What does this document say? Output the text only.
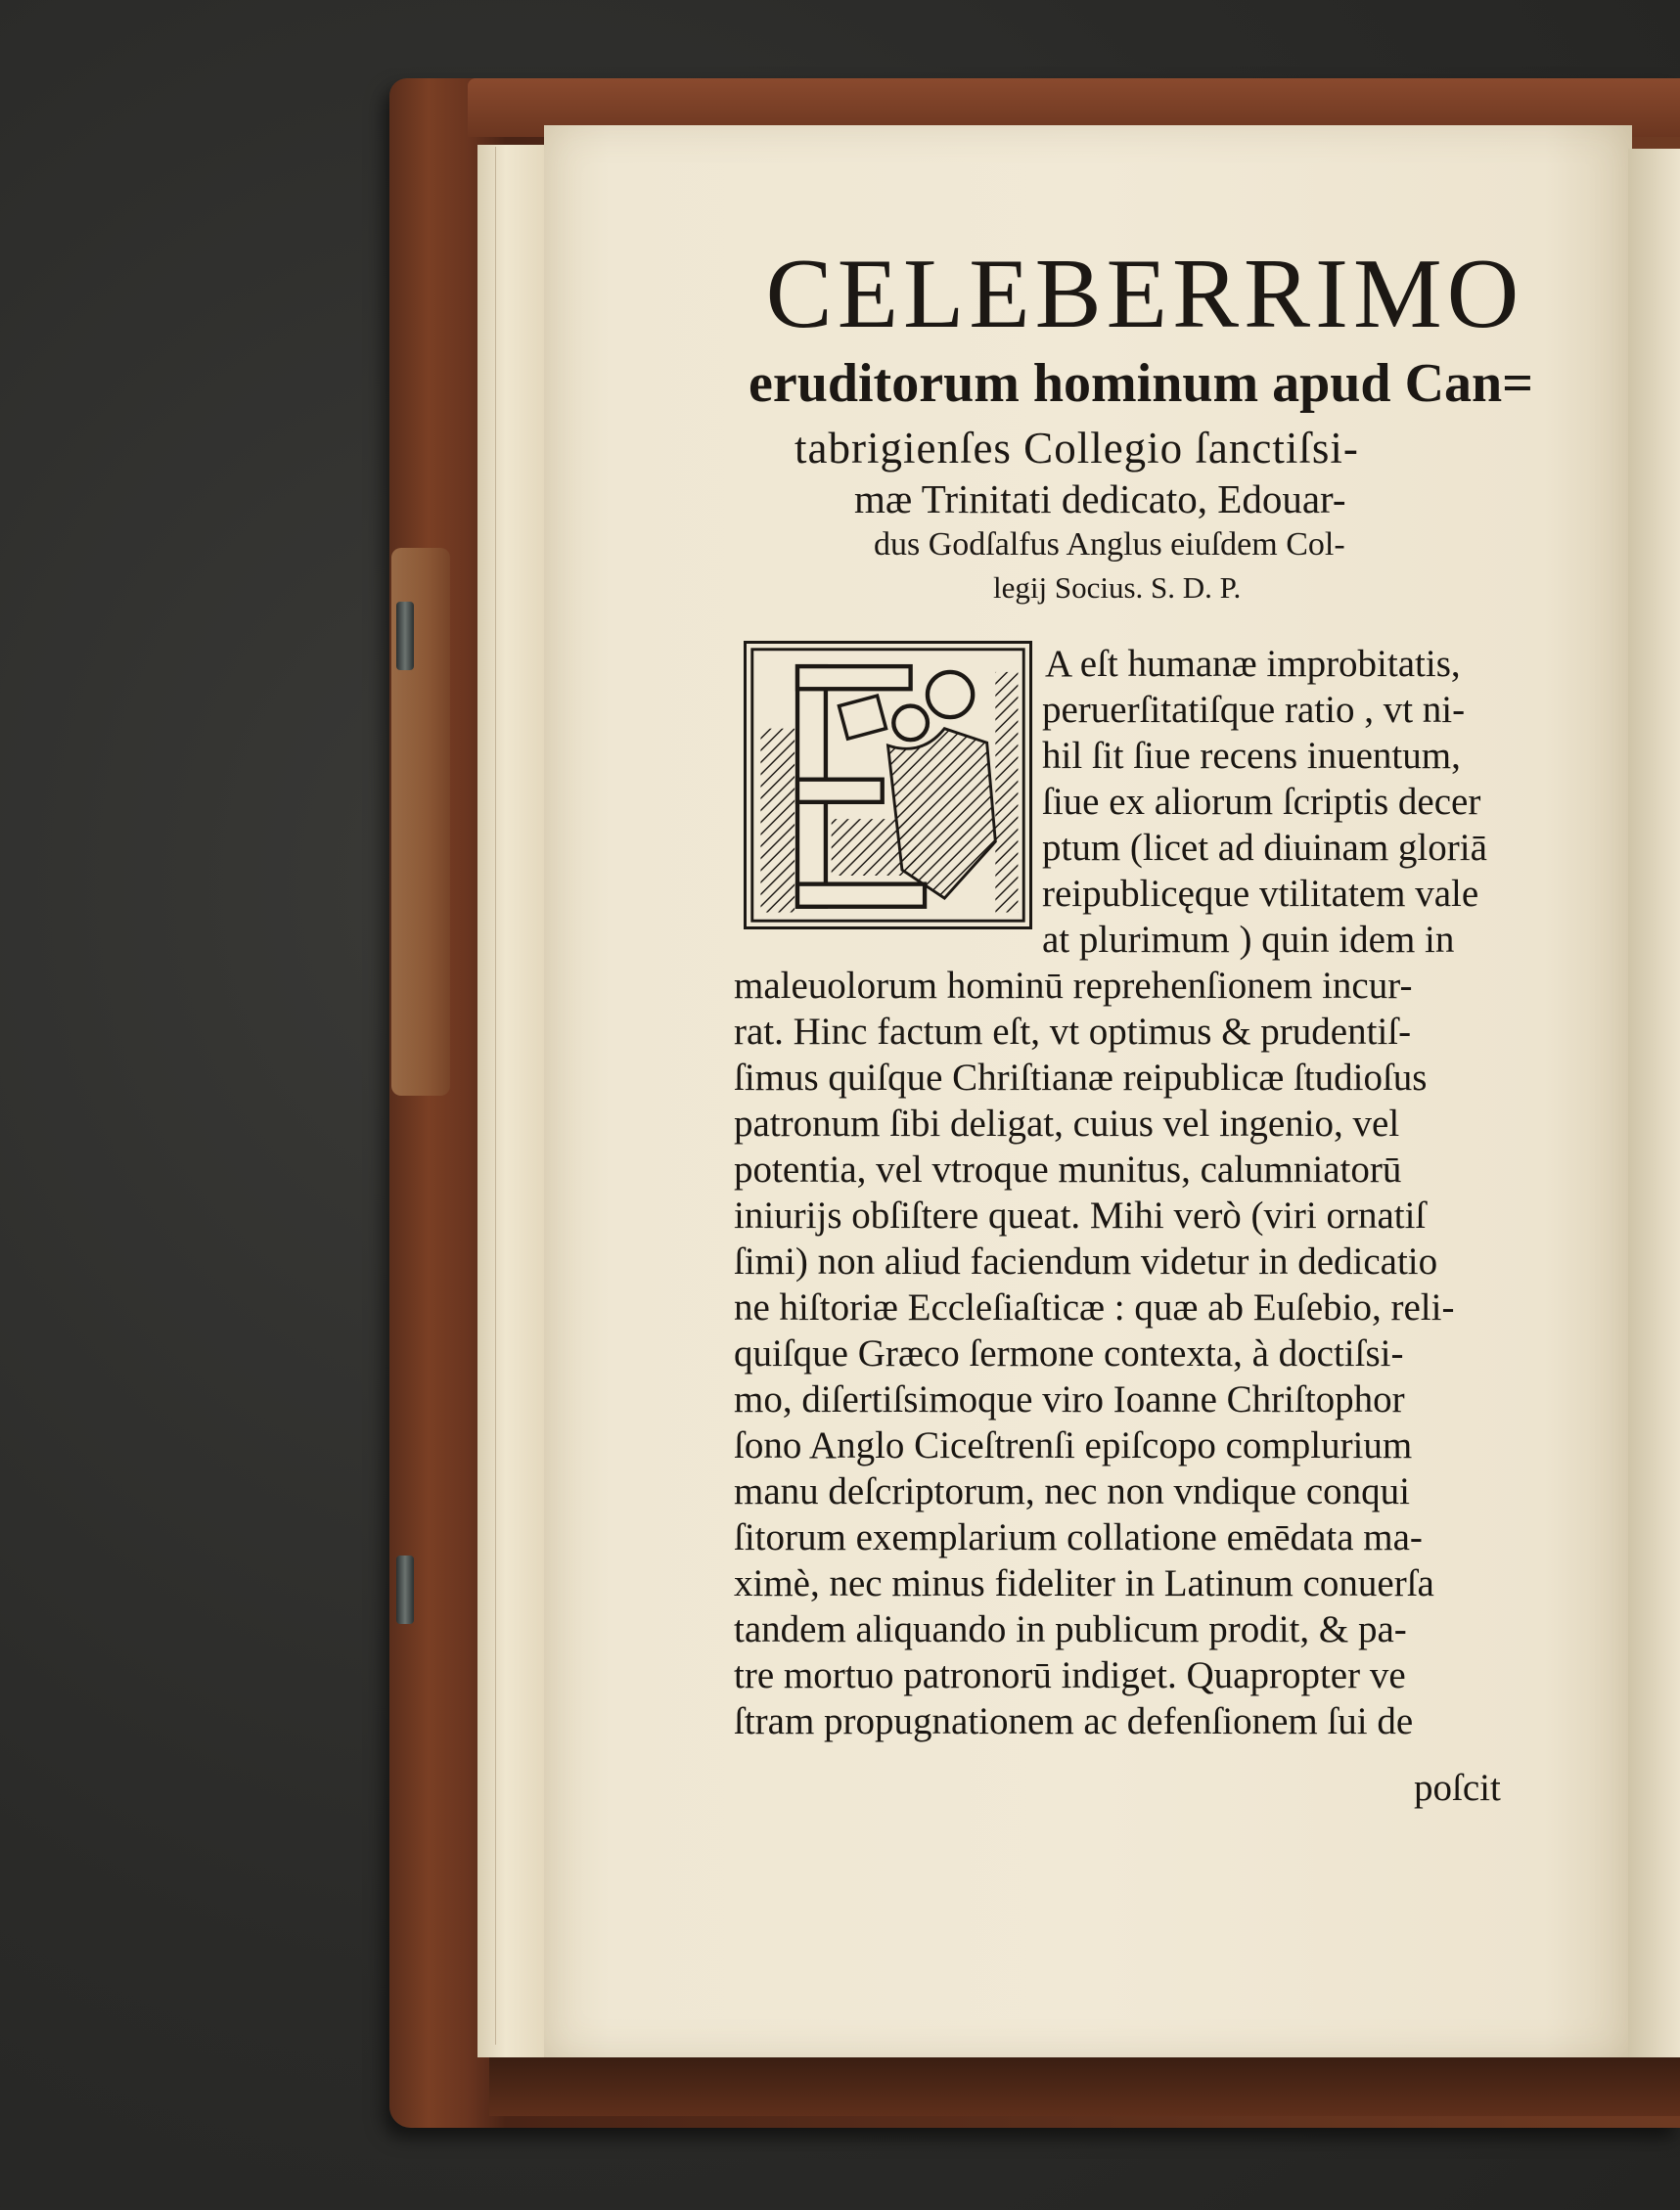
CELEBERRIMO
eruditorum hominum apud Can=
tabrigienſes Collegio ſanctiſsi-
mæ Trinitati dedicato, Edouar-
dus Godſalfus Anglus eiuſdem Col-
legij Socius. S. D. P.
A eſt humanæ improbitatis,
peruerſitatiſque ratio , vt ni-
hil ſit ſiue recens inuentum,
ſiue ex aliorum ſcriptis decer
ptum (licet ad diuinam gloriā
reipublicęque vtilitatem vale
at plurimum ) quin idem in
maleuolorum hominū reprehenſionem incur-
rat. Hinc factum eſt, vt optimus & prudentiſ-
ſimus quiſque Chriſtianæ reipublicæ ſtudioſus
patronum ſibi deligat, cuius vel ingenio, vel
potentia, vel vtroque munitus, calumniatorū
iniurijs obſiſtere queat. Mihi verò (viri ornatiſ
ſimi) non aliud faciendum videtur in dedicatio
ne hiſtoriæ Eccleſiaſticæ : quæ ab Euſebio, reli-
quiſque Græco ſermone contexta, à doctiſsi-
mo, diſertiſsimoque viro Ioanne Chriſtophor
ſono Anglo Ciceſtrenſi epiſcopo complurium
manu deſcriptorum, nec non vndique conqui
ſitorum exemplarium collatione emēdata ma-
ximè, nec minus fideliter in Latinum conuerſa
tandem aliquando in publicum prodit, & pa-
tre mortuo patronorū indiget. Quapropter ve
ſtram propugnationem ac defenſionem ſui de
poſcit
